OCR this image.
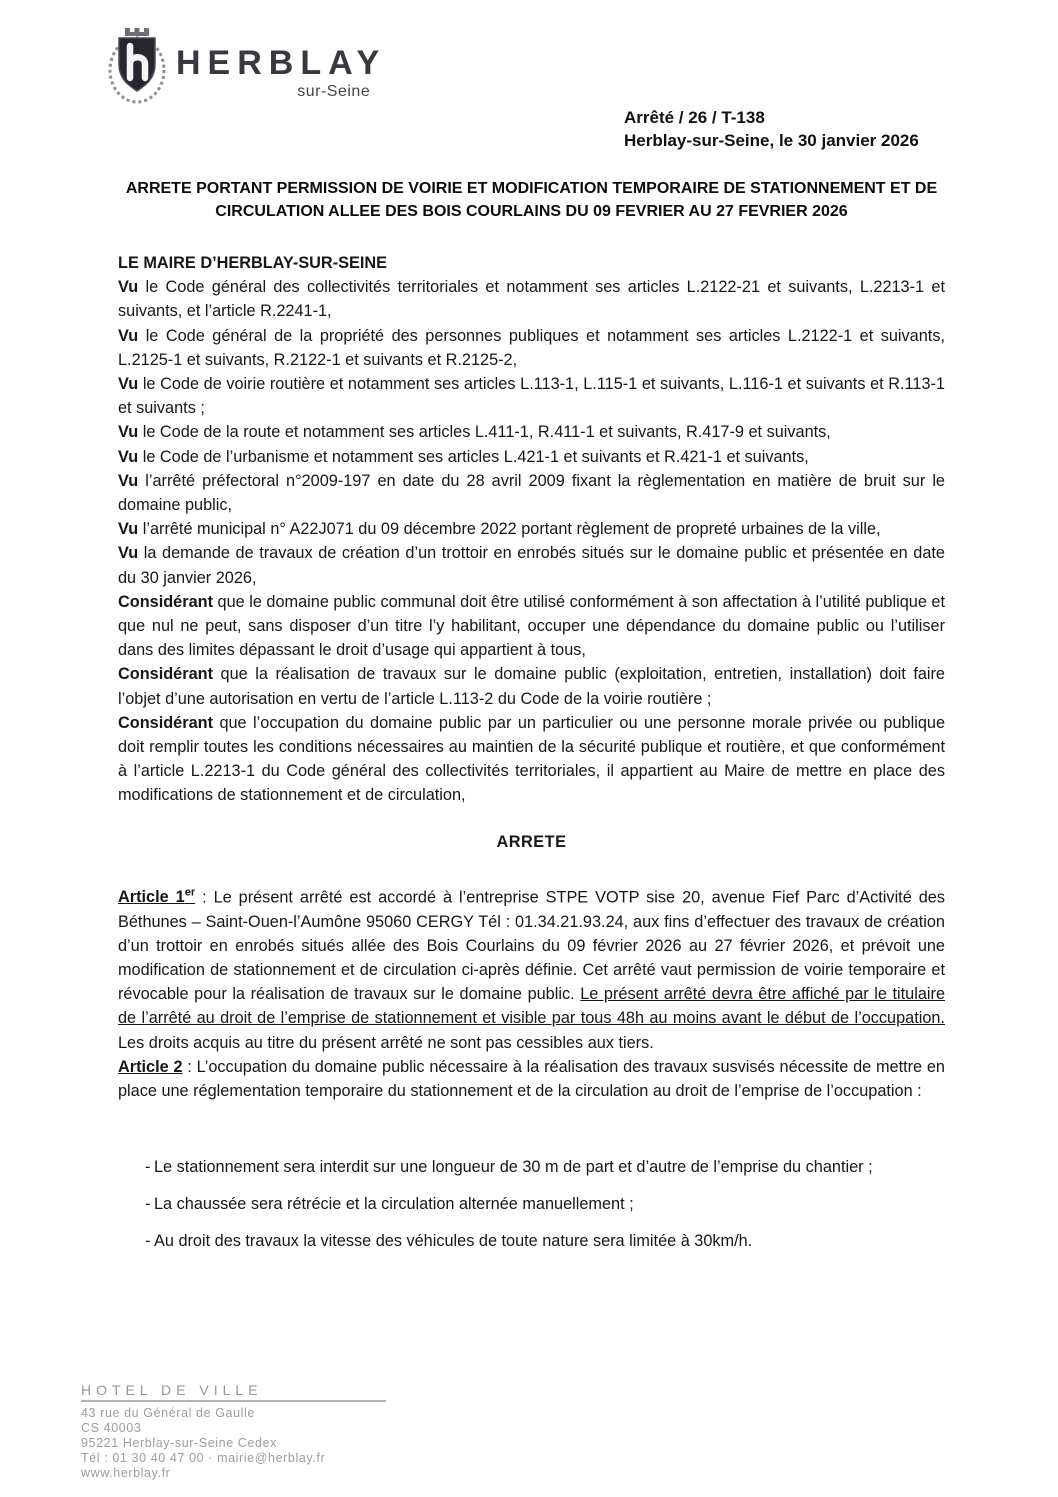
HERBLAY
sur-Seine
Arrêté / 26 / T-138
Herblay-sur-Seine, le 30 janvier 2026
ARRETE PORTANT PERMISSION DE VOIRIE ET MODIFICATION TEMPORAIRE DE STATIONNEMENT ET DE CIRCULATION ALLEE DES BOIS COURLAINS DU 09 FEVRIER AU 27 FEVRIER 2026

LE MAIRE D’HERBLAY-SUR-SEINE

Vu le Code général des collectivités territoriales et notamment ses articles L.2122-21 et suivants, L.2213-1 et suivants, et l’article R.2241-1,

Vu le Code général de la propriété des personnes publiques et notamment ses articles L.2122-1 et suivants, L.2125-1 et suivants, R.2122-1 et suivants et R.2125-2,

Vu le Code de voirie routière et notamment ses articles L.113-1, L.115-1 et suivants, L.116-1 et suivants et R.113-1 et suivants ;

Vu le Code de la route et notamment ses articles L.411-1, R.411-1 et suivants, R.417-9 et suivants,

Vu le Code de l’urbanisme et notamment ses articles L.421-1 et suivants et R.421-1 et suivants,

Vu l’arrêté préfectoral n°2009-197 en date du 28 avril 2009 fixant la règlementation en matière de bruit sur le domaine public,

Vu l’arrêté municipal n° A22J071 du 09 décembre 2022 portant règlement de propreté urbaines de la ville,

Vu la demande de travaux de création d’un trottoir en enrobés situés sur le domaine public et présentée en date du 30 janvier 2026,

Considérant que le domaine public communal doit être utilisé conformément à son affectation à l’utilité publique et que nul ne peut, sans disposer d’un titre l’y habilitant, occuper une dépendance du domaine public ou l’utiliser dans des limites dépassant le droit d’usage qui appartient à tous,

Considérant que la réalisation de travaux sur le domaine public (exploitation, entretien, installation) doit faire l’objet d’une autorisation en vertu de l’article L.113-2 du Code de la voirie routière ;

Considérant que l’occupation du domaine public par un particulier ou une personne morale privée ou publique doit remplir toutes les conditions nécessaires au maintien de la sécurité publique et routière, et que conformément à l’article L.2213-1 du Code général des collectivités territoriales, il appartient au Maire de mettre en place des modifications de stationnement et de circulation,

ARRETE

Article 1er : Le présent arrêté est accordé à l’entreprise STPE VOTP sise 20, avenue Fief Parc d’Activité des Béthunes – Saint-Ouen-l’Aumône 95060 CERGY Tél : 01.34.21.93.24, aux fins d’effectuer des travaux de création d’un trottoir en enrobés situés allée des Bois Courlains du 09 février 2026 au 27 février 2026, et prévoit une modification de stationnement et de circulation ci-après définie. Cet arrêté vaut permission de voirie temporaire et révocable pour la réalisation de travaux sur le domaine public. Le présent arrêté devra être affiché par le titulaire de l’arrêté au droit de l’emprise de stationnement et visible par tous 48h au moins avant le début de l’occupation. Les droits acquis au titre du présent arrêté ne sont pas cessibles aux tiers.

Article 2 : L’occupation du domaine public nécessaire à la réalisation des travaux susvisés nécessite de mettre en place une réglementation temporaire du stationnement et de la circulation au droit de l’emprise de l’occupation :

- Le stationnement sera interdit sur une longueur de 30 m de part et d’autre de l’emprise du chantier ;
- La chaussée sera rétrécie et la circulation alternée manuellement ;
- Au droit des travaux la vitesse des véhicules de toute nature sera limitée à 30km/h.
HOTEL DE VILLE
43 rue du Général de Gaulle
CS 40003
95221 Herblay-sur-Seine Cedex
Tél : 01 30 40 47 00 · mairie@herblay.fr
www.herblay.fr
